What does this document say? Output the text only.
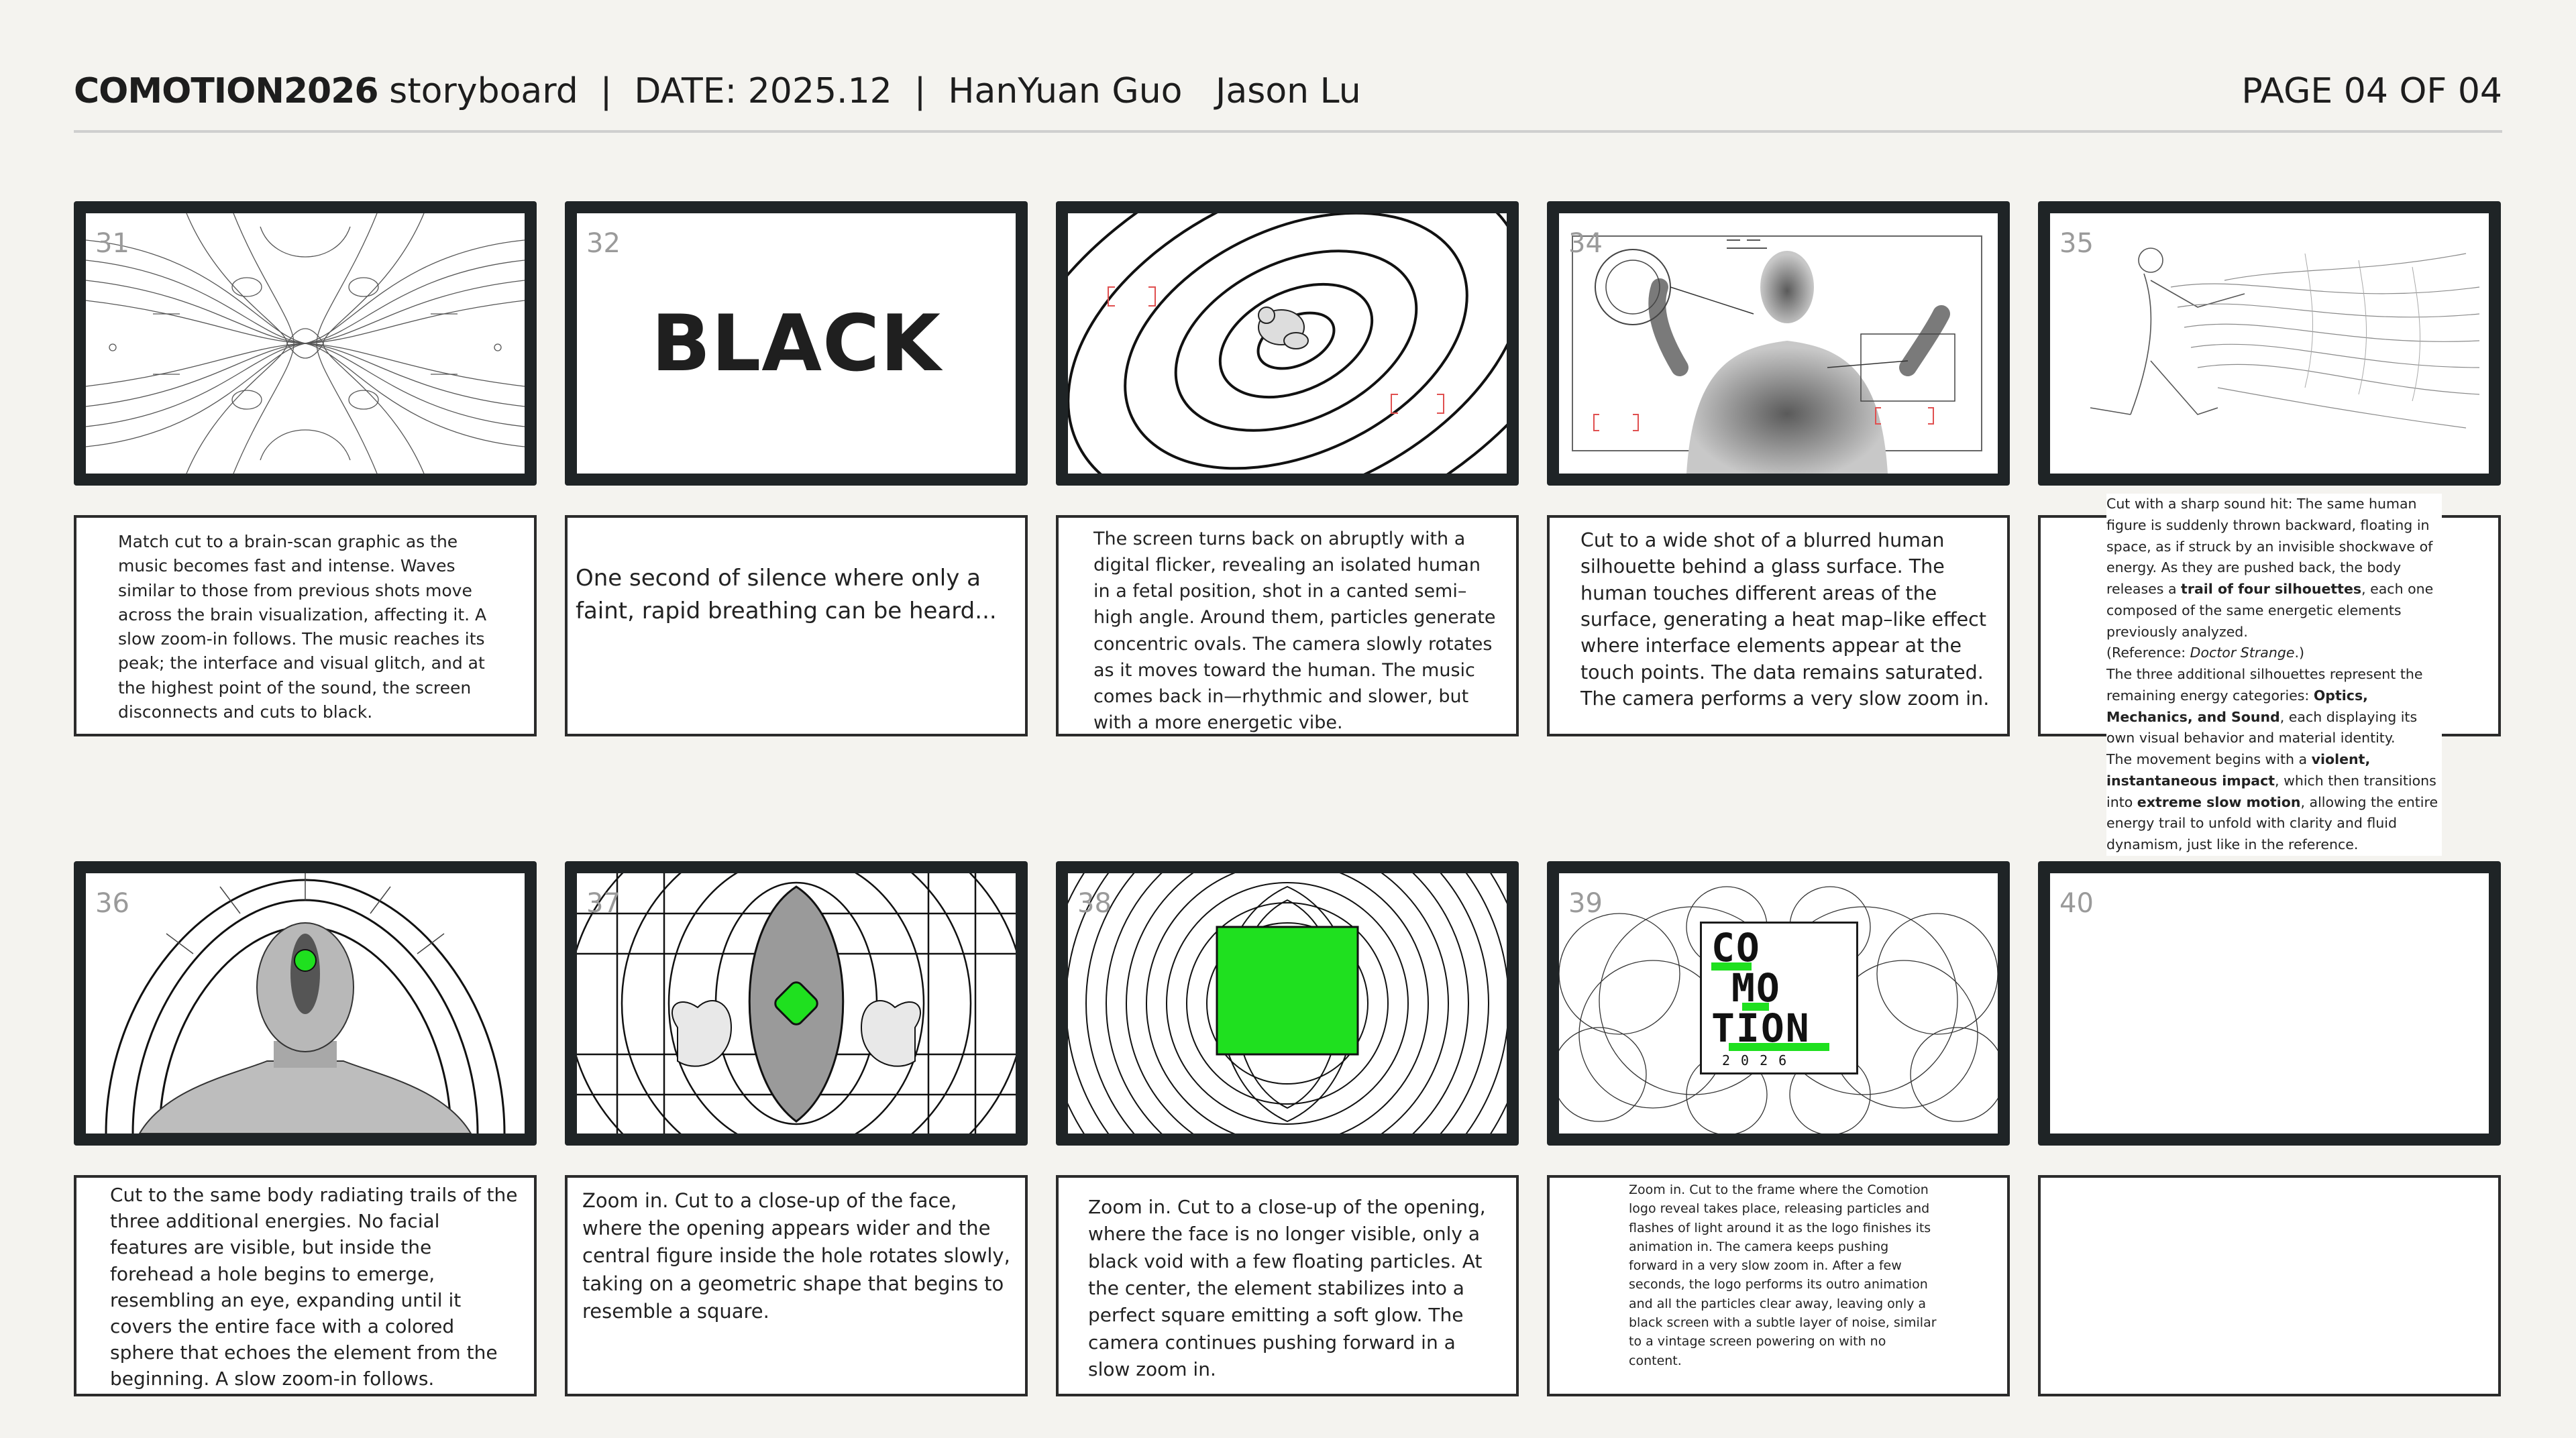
COMOTION2026 storyboard  |  DATE: 2025.12  |  HanYuan Guo   Jason Lu	PAGE 04 OF 04
31	32
BLACK
34	35

Match cut to a brain-scan graphic as the music becomes fast and intense. Waves similar to those from previous shots move across the brain visualization, affecting it. A slow zoom-in follows. The music reaches its peak; the interface and visual glitch, and at the highest point of the sound, the screen disconnects and cuts to black.

One second of silence where only a faint, rapid breathing can be heard...

The screen turns back on abruptly with a digital flicker, revealing an isolated human in a fetal position, shot in a canted semi–high angle. Around them, particles generate concentric ovals. The camera slowly rotates as it moves toward the human. The music comes back in—rhythmic and slower, but with a more energetic vibe.

Cut to a wide shot of a blurred human silhouette behind a glass surface. The human touches different areas of the surface, generating a heat map–like effect where interface elements appear at the touch points. The data remains saturated. The camera performs a very slow zoom in.

Cut with a sharp sound hit: The same human figure is suddenly thrown backward, floating in space, as if struck by an invisible shockwave of energy. As they are pushed back, the body releases a trail of four silhouettes, each one composed of the same energetic elements previously analyzed.
(Reference: Doctor Strange.)
The three additional silhouettes represent the remaining energy categories: Optics, Mechanics, and Sound, each displaying its own visual behavior and material identity.
The movement begins with a violent, instantaneous impact, which then transitions into extreme slow motion, allowing the entire energy trail to unfold with clarity and fluid dynamism, just like in the reference.
36	37	38	39
CO
MO
TION
2026
40

Cut to the same body radiating trails of the three additional energies. No facial features are visible, but inside the forehead a hole begins to emerge, resembling an eye, expanding until it covers the entire face with a colored sphere that echoes the element from the beginning. A slow zoom-in follows.

Zoom in. Cut to a close-up of the face, where the opening appears wider and the central figure inside the hole rotates slowly, taking on a geometric shape that begins to resemble a square.

Zoom in. Cut to a close-up of the opening, where the face is no longer visible, only a black void with a few floating particles. At the center, the element stabilizes into a perfect square emitting a soft glow. The camera continues pushing forward in a slow zoom in.

Zoom in. Cut to the frame where the Comotion logo reveal takes place, releasing particles and flashes of light around it as the logo finishes its animation in. The camera keeps pushing forward in a very slow zoom in. After a few seconds, the logo performs its outro animation and all the particles clear away, leaving only a black screen with a subtle layer of noise, similar to a vintage screen powering on with no content.
